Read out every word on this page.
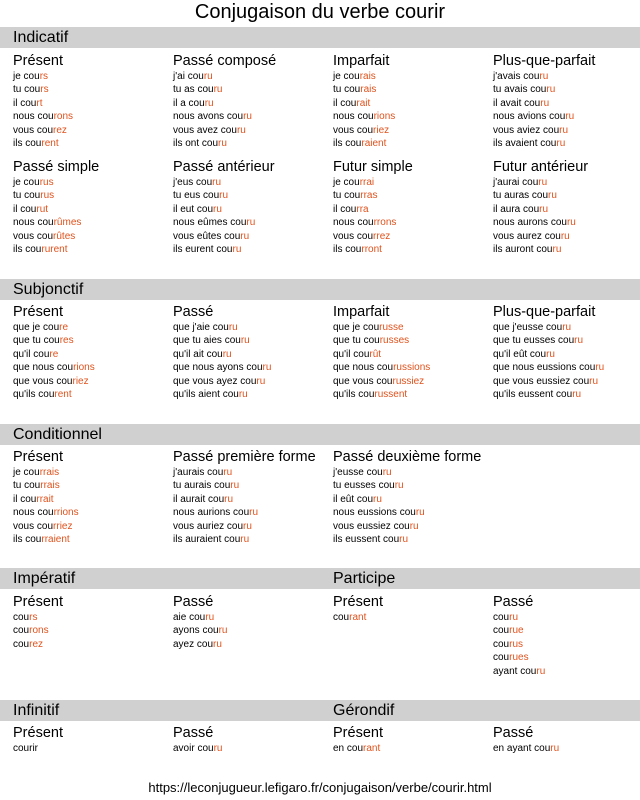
Conjugaison du verbe courir
Indicatif
Subjonctif
Conditionnel
Impératif	Participe
Infinitif	Gérondif
Présent
je cours
tu cours
il court
nous courons
vous courez
ils courent
Passé composé
j'ai couru
tu as couru
il a couru
nous avons couru
vous avez couru
ils ont couru
Imparfait
je courais
tu courais
il courait
nous courions
vous couriez
ils couraient
Plus-que-parfait
j'avais couru
tu avais couru
il avait couru
nous avions couru
vous aviez couru
ils avaient couru
Passé simple
je courus
tu courus
il courut
nous courûmes
vous courûtes
ils coururent
Passé antérieur
j'eus couru
tu eus couru
il eut couru
nous eûmes couru
vous eûtes couru
ils eurent couru
Futur simple
je courrai
tu courras
il courra
nous courrons
vous courrez
ils courront
Futur antérieur
j'aurai couru
tu auras couru
il aura couru
nous aurons couru
vous aurez couru
ils auront couru
Présent
que je coure
que tu coures
qu'il coure
que nous courions
que vous couriez
qu'ils courent
Passé
que j'aie couru
que tu aies couru
qu'il ait couru
que nous ayons couru
que vous ayez couru
qu'ils aient couru
Imparfait
que je courusse
que tu courusses
qu'il courût
que nous courussions
que vous courussiez
qu'ils courussent
Plus-que-parfait
que j'eusse couru
que tu eusses couru
qu'il eût couru
que nous eussions couru
que vous eussiez couru
qu'ils eussent couru
Présent
je courrais
tu courrais
il courrait
nous courrions
vous courriez
ils courraient
Passé première forme
j'aurais couru
tu aurais couru
il aurait couru
nous aurions couru
vous auriez couru
ils auraient couru
Passé deuxième forme
j'eusse couru
tu eusses couru
il eût couru
nous eussions couru
vous eussiez couru
ils eussent couru
Présent
cours
courons
courez
Passé
aie couru
ayons couru
ayez couru
Présent
courant
Passé
couru
courue
courus
courues
ayant couru
Présent
courir
Passé
avoir couru
Présent
en courant
Passé
en ayant couru
https://leconjugueur.lefigaro.fr/conjugaison/verbe/courir.html
